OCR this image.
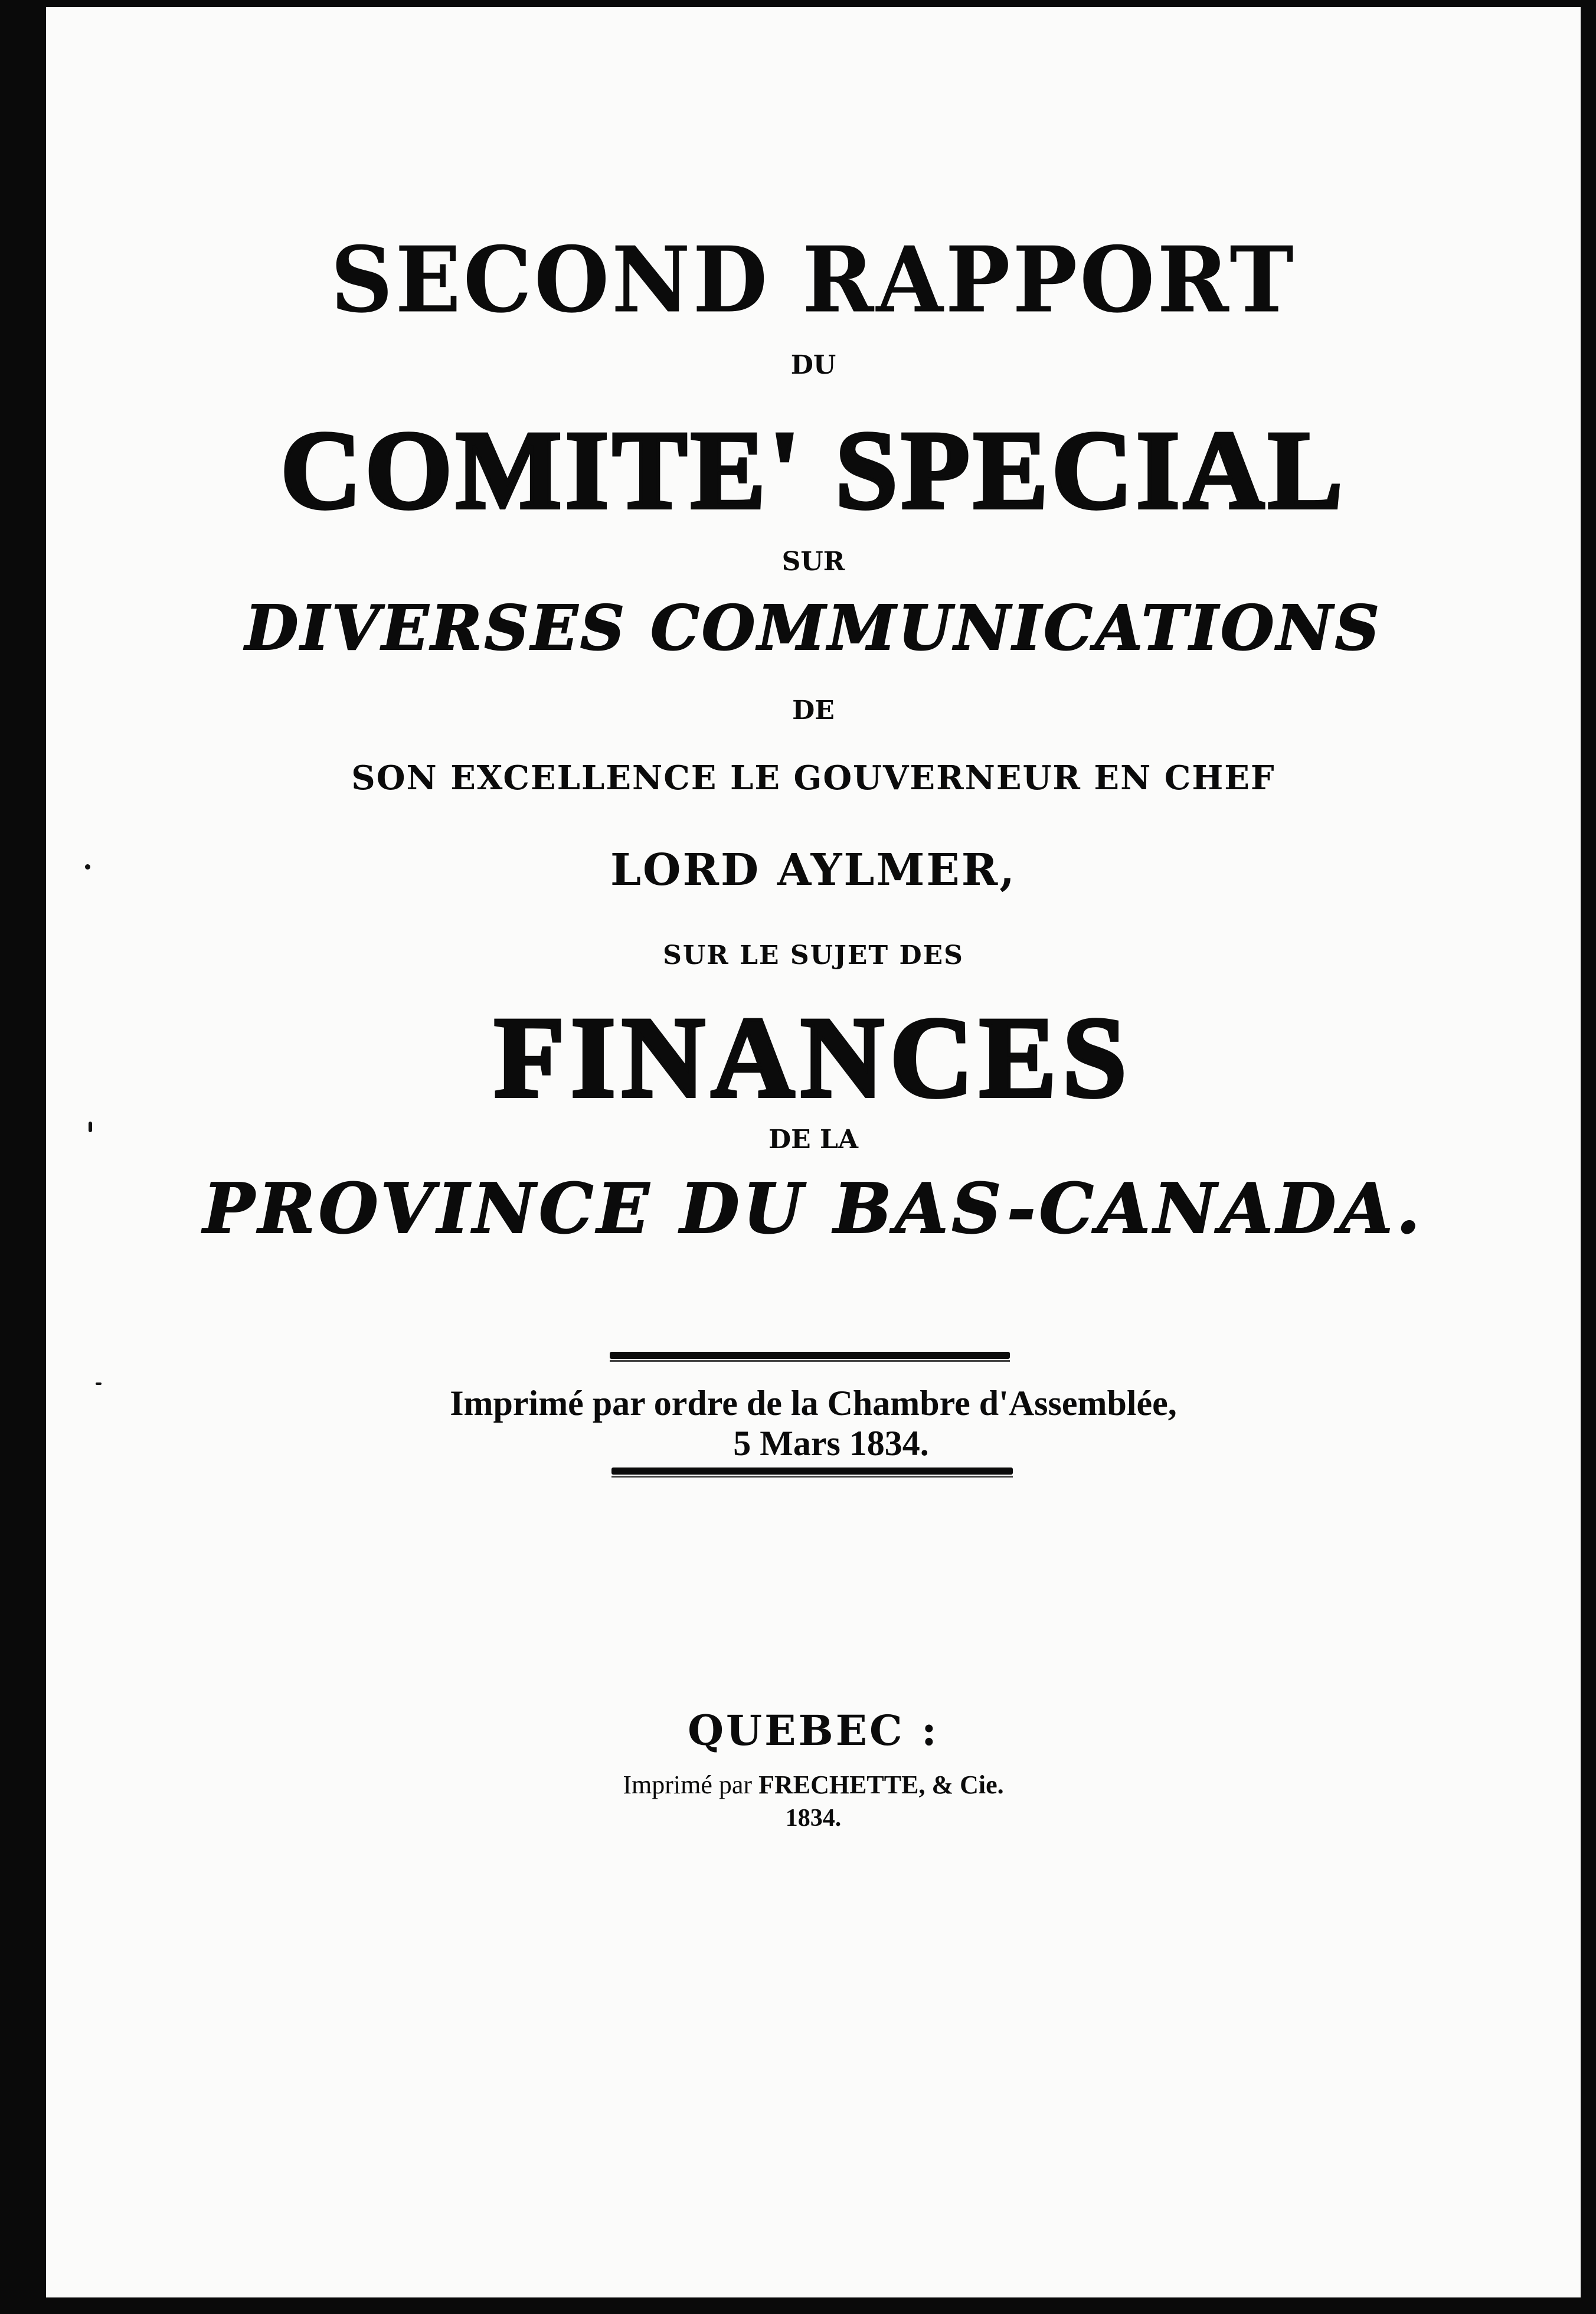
SECOND RAPPORT
DU
COMITE' SPECIAL
SUR
DIVERSES COMMUNICATIONS
DE
SON EXCELLENCE LE GOUVERNEUR EN CHEF
LORD AYLMER,
SUR LE SUJET DES
FINANCES
DE LA
PROVINCE DU BAS-CANADA.
Imprimé par ordre de la Chambre d'Assemblée,
5 Mars 1834.
QUEBEC :
Imprimé par FRECHETTE, & Cie.
1834.
